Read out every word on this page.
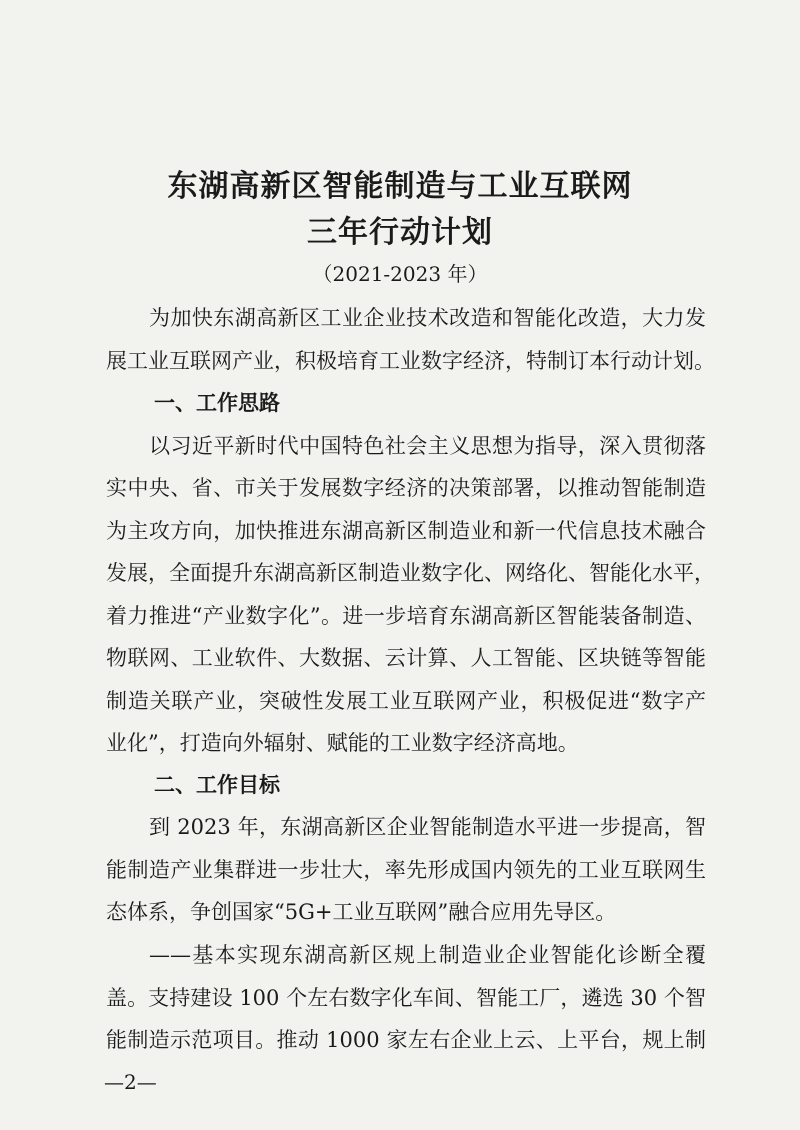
东湖高新区智能制造与工业互联网
三年行动计划

（2021-2023 年）

为加快东湖高新区工业企业技术改造和智能化改造，大力发

展工业互联网产业，积极培育工业数字经济，特制订本行动计划。

一、工作思路

以习近平新时代中国特色社会主义思想为指导，深入贯彻落

实中央、省、市关于发展数字经济的决策部署，以推动智能制造

为主攻方向，加快推进东湖高新区制造业和新一代信息技术融合

发展，全面提升东湖高新区制造业数字化、网络化、智能化水平，

着力推进“产业数字化”。进一步培育东湖高新区智能装备制造、

物联网、工业软件、大数据、云计算、人工智能、区块链等智能

制造关联产业，突破性发展工业互联网产业，积极促进“数字产

业化”，打造向外辐射、赋能的工业数字经济高地。

二、工作目标

到 2023 年，东湖高新区企业智能制造水平进一步提高，智

能制造产业集群进一步壮大，率先形成国内领先的工业互联网生

态体系，争创国家“5G+工业互联网”融合应用先导区。

——基本实现东湖高新区规上制造业企业智能化诊断全覆

盖。支持建设 100 个左右数字化车间、智能工厂，遴选 30 个智

—2—

能制造示范项目。推动 1000 家左右企业上云、上平台，规上制
